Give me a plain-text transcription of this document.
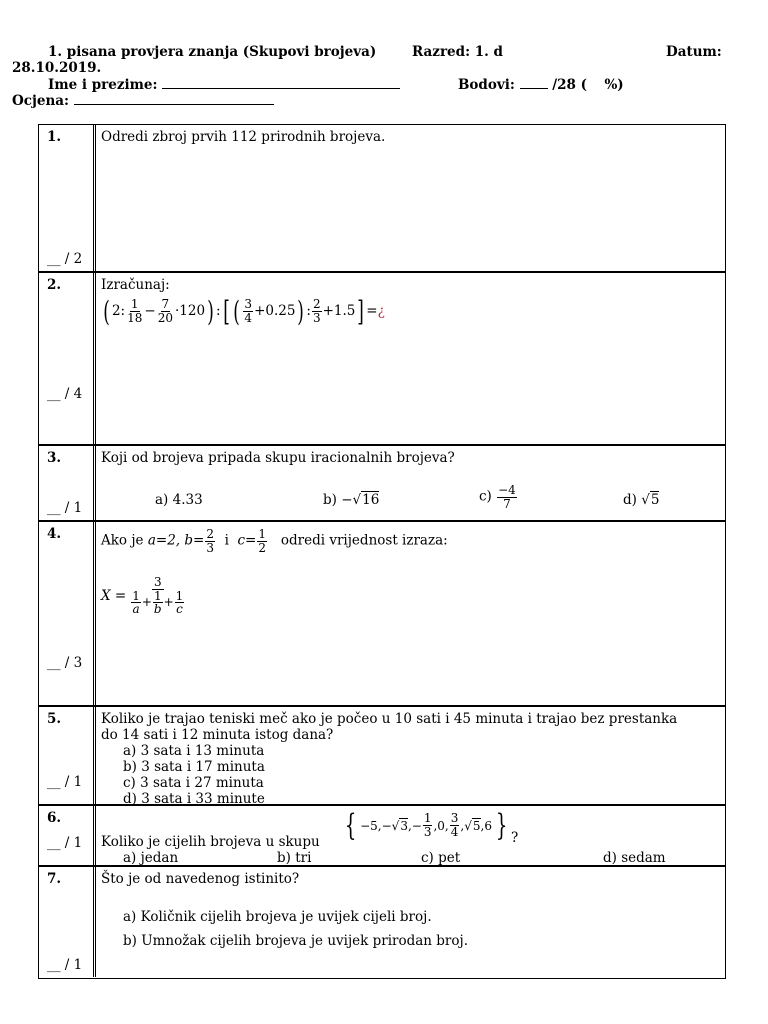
1. pisana provjera znanja (Skupovi brojeva)	Razred: 1. d	Datum:
28.10.2019.
Ime i prezime:	Bodovi:	/28 ( %)
Ocjena:
1.
__ / 2
Odredi zbroj prvih 112 prirodnih brojeva.
2.
__ / 4
Izračunaj:
( 2: $\frac{1}{18} - \frac{7}{20} \cdot 120$) :[ ( $\frac{3}{4} +0.25$) : $\frac{2}{3} +1.5$] =¿
3.
__ / 1
Koji od brojeva pripada skupu iracionalnih brojeva?
a) 4.33	b) −√16	$c) \frac{-4}{7}$	d) √5
4.
__ / 3
Ako je a=2, $b= \frac{2}{3}$ i $c= \frac{1}{2}$ odredi vrijednost izraza:
$X = \frac{3}{\frac{1}{a} + \frac{1}{b} + \frac{1}{c}}$
5.
__ / 1
Koliko je trajao teniski meč ako je počeo u 10 sati i 45 minuta i trajao bez prestanka
do 14 sati i 12 minuta istog dana?
a) 3 sata i 13 minuta
b) 3 sata i 17 minuta
c) 3 sata i 27 minuta
d) 3 sata i 33 minute
6.
__ / 1 Koliko je cijelih brojeva u skupu { −5,− √ 3 ,− $\frac{1}{3} ,0$, $\frac{3}{4}$ , √ 5 ,6 } ?
a) jedan	b) tri	c) pet	d) sedam
7.
__ / 1
Što je od navedenog istinito?
a) Količnik cijelih brojeva je uvijek cijeli broj.
b) Umnožak cijelih brojeva je uvijek prirodan broj.
